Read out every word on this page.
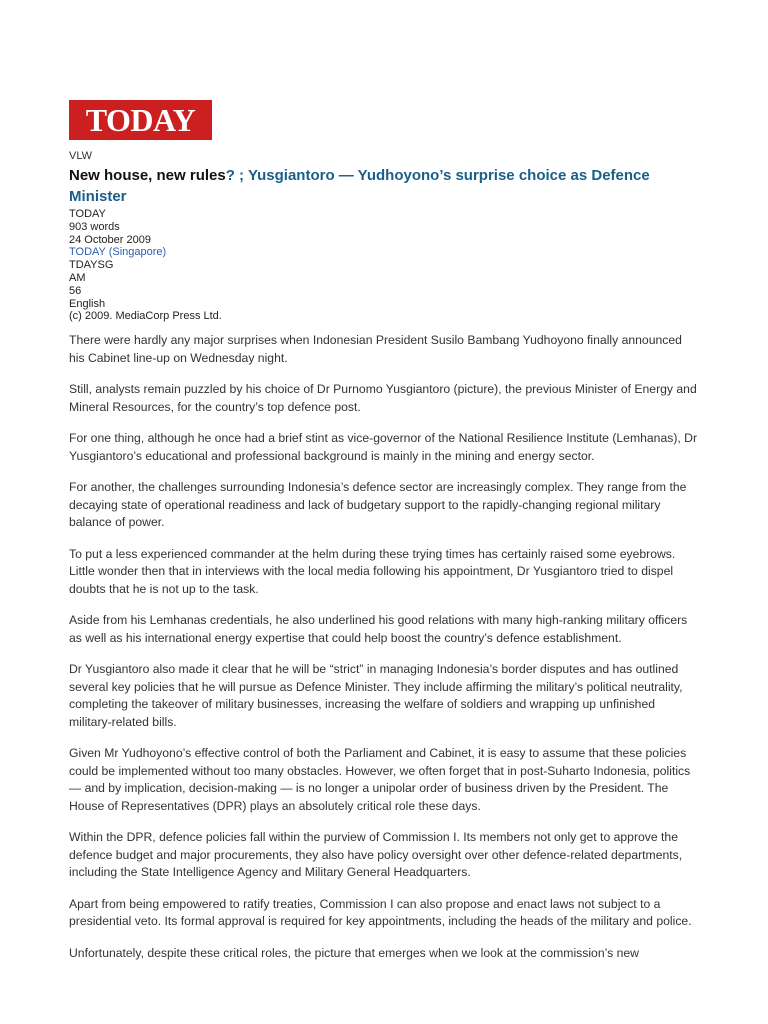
TODAY
VLW
New house, new rules? ; Yusgiantoro — Yudhoyono’s surprise choice as Defence Minister
TODAY
903 words
24 October 2009
TODAY (Singapore)
TDAYSG
AM
56
English
(c) 2009. MediaCorp Press Ltd.

There were hardly any major surprises when Indonesian President Susilo Bambang Yudhoyono finally announced his Cabinet line-up on Wednesday night.

Still, analysts remain puzzled by his choice of Dr Purnomo Yusgiantoro (picture), the previous Minister of Energy and Mineral Resources, for the country’s top defence post.

For one thing, although he once had a brief stint as vice-governor of the National Resilience Institute (Lemhanas), Dr Yusgiantoro’s educational and professional background is mainly in the mining and energy sector.

For another, the challenges surrounding Indonesia’s defence sector are increasingly complex. They range from the decaying state of operational readiness and lack of budgetary support to the rapidly-changing regional military balance of power.

To put a less experienced commander at the helm during these trying times has certainly raised some eyebrows. Little wonder then that in interviews with the local media following his appointment, Dr Yusgiantoro tried to dispel doubts that he is not up to the task.

Aside from his Lemhanas credentials, he also underlined his good relations with many high-ranking military officers as well as his international energy expertise that could help boost the country’s defence establishment.

Dr Yusgiantoro also made it clear that he will be “strict” in managing Indonesia’s border disputes and has outlined several key policies that he will pursue as Defence Minister. They include affirming the military’s political neutrality, completing the takeover of military businesses, increasing the welfare of soldiers and wrapping up unfinished military-related bills.

Given Mr Yudhoyono’s effective control of both the Parliament and Cabinet, it is easy to assume that these policies could be implemented without too many obstacles. However, we often forget that in post-Suharto Indonesia, politics — and by implication, decision-making — is no longer a unipolar order of business driven by the President. The House of Representatives (DPR) plays an absolutely critical role these days.

Within the DPR, defence policies fall within the purview of Commission I. Its members not only get to approve the defence budget and major procurements, they also have policy oversight over other defence-related departments, including the State Intelligence Agency and Military General Headquarters.

Apart from being empowered to ratify treaties, Commission I can also propose and enact laws not subject to a presidential veto. Its formal approval is required for key appointments, including the heads of the military and police.

Unfortunately, despite these critical roles, the picture that emerges when we look at the commission’s new
